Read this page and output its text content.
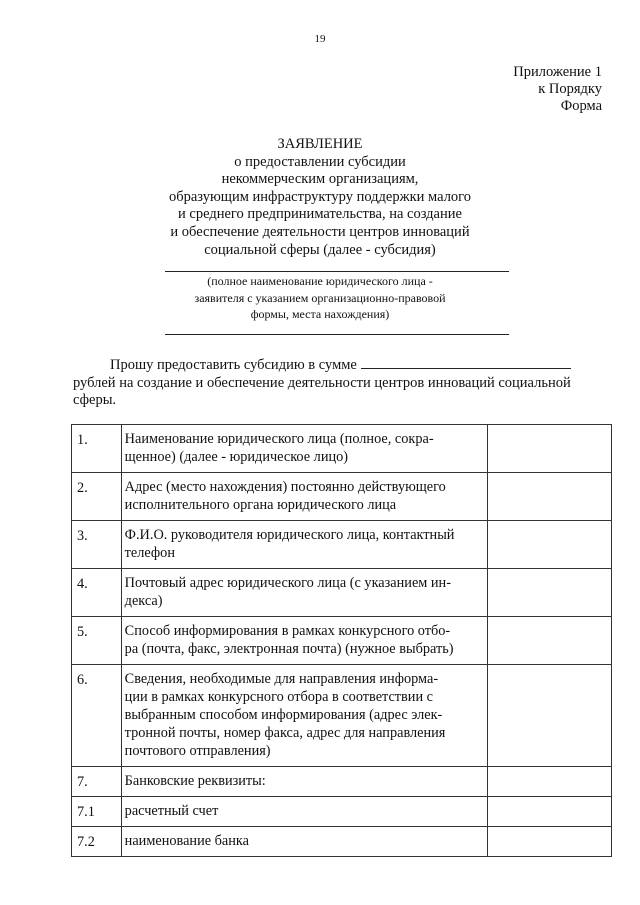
19
Приложение 1
к Порядку
Форма
ЗАЯВЛЕНИЕ
о предоставлении субсидии
некоммерческим организациям,
образующим инфраструктуру поддержки малого
и среднего предпринимательства, на создание
и обеспечение деятельности центров инноваций
социальной сферы (далее - субсидия)
(полное наименование юридического лица -
заявителя с указанием организационно-правовой
формы, места нахождения)
Прошу предоставить субсидию в сумме
рублей на создание и обеспечение деятельности центров инноваций социальной
сферы.
1.	Наименование юридического лица (полное, сокра-
щенное) (далее - юридическое лицо)	

2.	Адрес (место нахождения) постоянно действующего
исполнительного органа юридического лица	

3.	Ф.И.О. руководителя юридического лица, контактный
телефон	

4.	Почтовый адрес юридического лица (с указанием ин-
декса)	

5.	Способ информирования в рамках конкурсного отбо-
ра (почта, факс, электронная почта) (нужное выбрать)	

6.	Сведения, необходимые для направления информа-
ции в рамках конкурсного отбора в соответствии с
выбранным способом информирования (адрес элек-
тронной почты, номер факса, адрес для направления
почтового отправления)	

7.	Банковские реквизиты:	

7.1	расчетный счет	

7.2	наименование банка	
